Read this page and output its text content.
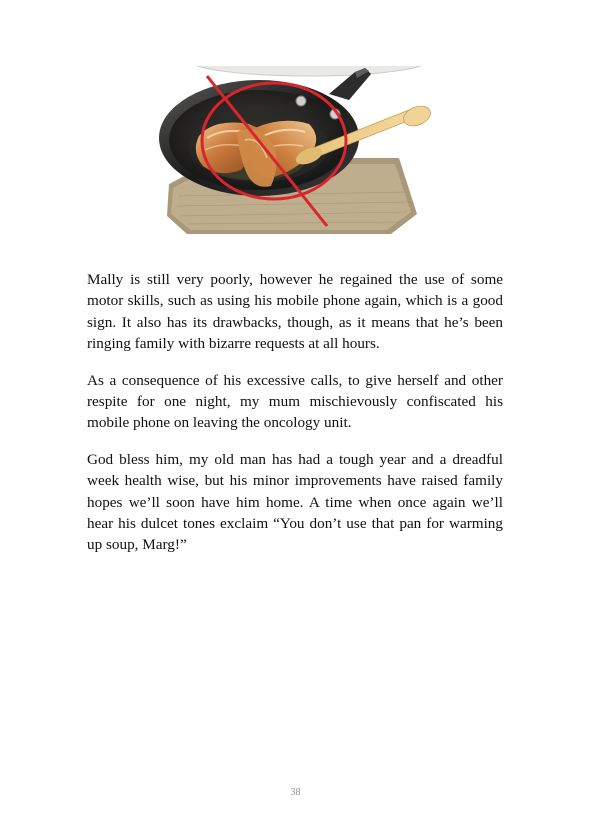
Mally is still very poorly, however he regained the use of some motor skills, such as using his mobile phone again, which is a good sign. It also has its drawbacks, though, as it means that he’s been ringing family with bizarre requests at all hours.

As a consequence of his excessive calls, to give herself and other respite for one night, my mum mischievously confiscated his mobile phone on leaving the oncology unit.

God bless him, my old man has had a tough year and a dreadful week health wise, but his minor improvements have raised family hopes we’ll soon have him home. A time when once again we’ll hear his dulcet tones exclaim “You don’t use that pan for warming up soup, Marg!”

38
